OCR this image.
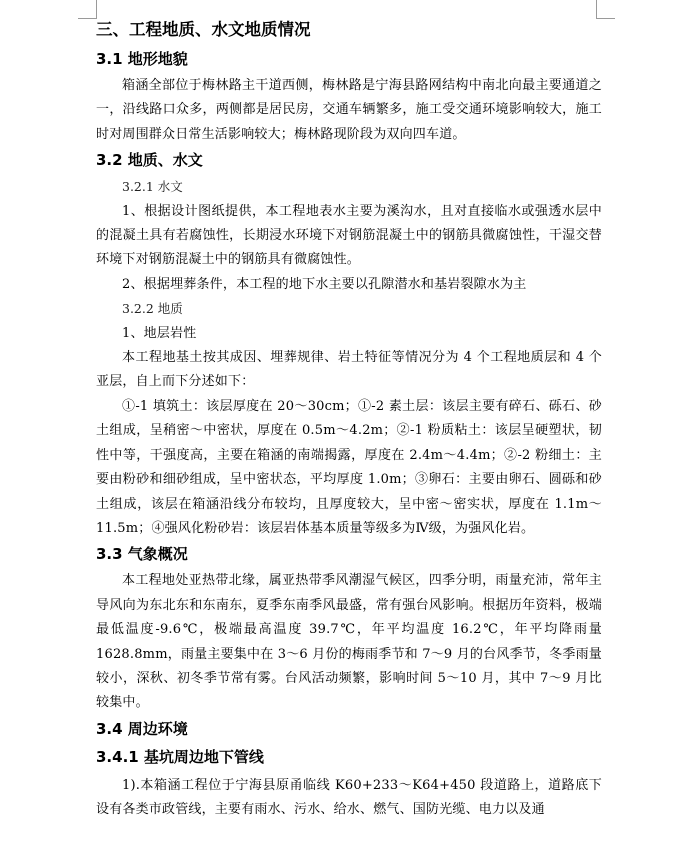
三、工程地质、水文地质情况
3.1 地形地貌

箱涵全部位于梅林路主干道西侧，梅林路是宁海县路网结构中南北向最主要通道之一，沿线路口众多，两侧都是居民房，交通车辆繁多，施工受交通环境影响较大，施工时对周围群众日常生活影响较大；梅林路现阶段为双向四车道。

3.2 地质、水文
3.2.1 水文

1、根据设计图纸提供，本工程地表水主要为溪沟水，且对直接临水或强透水层中的混凝土具有若腐蚀性，长期浸水环境下对钢筋混凝土中的钢筋具微腐蚀性，干湿交替环境下对钢筋混凝土中的钢筋具有微腐蚀性。

2、根据埋葬条件，本工程的地下水主要以孔隙潜水和基岩裂隙水为主

3.2.2 地质

1、地层岩性

本工程地基土按其成因、埋葬规律、岩土特征等情况分为 4 个工程地质层和 4 个亚层，自上而下分述如下：

①-1 填筑土：该层厚度在 20～30cm；①-2 素土层：该层主要有碎石、砾石、砂土组成，呈稍密～中密状，厚度在 0.5m～4.2m；②-1 粉质粘土：该层呈硬塑状，韧性中等，干强度高，主要在箱涵的南端揭露，厚度在 2.4m～4.4m；②-2 粉细土：主要由粉砂和细砂组成，呈中密状态，平均厚度 1.0m；③卵石：主要由卵石、圆砾和砂土组成，该层在箱涵沿线分布较均，且厚度较大，呈中密～密实状，厚度在 1.1m～11.5m；④强风化粉砂岩：该层岩体基本质量等级多为Ⅳ级，为强风化岩。

3.3 气象概况

本工程地处亚热带北缘，属亚热带季风潮湿气候区，四季分明，雨量充沛，常年主导风向为东北东和东南东，夏季东南季风最盛，常有强台风影响。根据历年资料，极端最低温度-9.6℃，极端最高温度 39.7℃，年平均温度 16.2℃，年平均降雨量 1628.8mm，雨量主要集中在 3～6 月份的梅雨季节和 7～9 月的台风季节，冬季雨量较小，深秋、初冬季节常有雾。台风活动频繁，影响时间 5～10 月，其中 7～9 月比较集中。

3.4 周边环境
3.4.1 基坑周边地下管线

1).本箱涵工程位于宁海县原甬临线 K60+233～K64+450 段道路上，道路底下设有各类市政管线，主要有雨水、污水、给水、燃气、国防光缆、电力以及通
